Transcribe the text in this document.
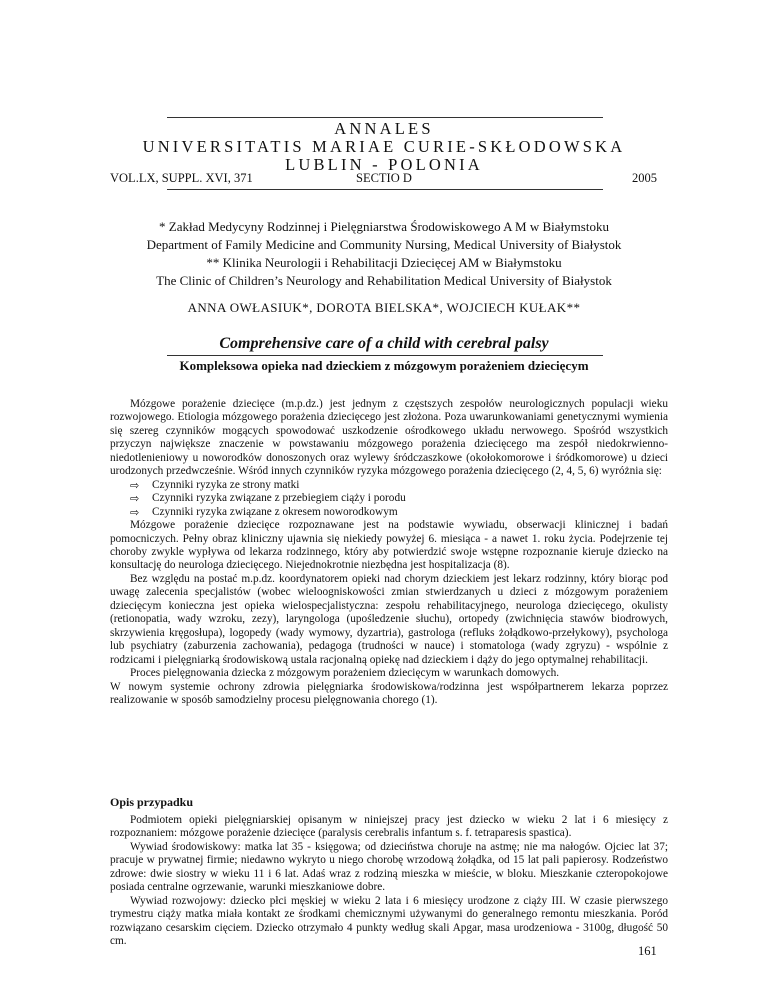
ANNALES
UNIVERSITATIS MARIAE CURIE-SKŁODOWSKA
LUBLIN - POLONIA
VOL.LX, SUPPL. XVI, 371	SECTIO D	2005
* Zakład Medycyny Rodzinnej i Pielęgniarstwa Środowiskowego A M w Białymstoku
Department of Family Medicine and Community Nursing, Medical University of Białystok
** Klinika Neurologii i Rehabilitacji Dziecięcej AM w Białymstoku
The Clinic of Children’s Neurology and Rehabilitation Medical University of Białystok
ANNA OWŁASIUK*, DOROTA BIELSKA*, WOJCIECH KUŁAK**
Comprehensive care of a child with cerebral palsy
Kompleksowa opieka nad dzieckiem z mózgowym porażeniem dziecięcym

Mózgowe porażenie dziecięce (m.p.dz.) jest jednym z częstszych zespołów neurologicznych populacji wieku rozwojowego. Etiologia mózgowego porażenia dziecięcego jest złożona. Poza uwarunkowaniami genetycznymi wymienia się szereg czynników mogących spowodować uszkodzenie ośrodkowego układu nerwowego. Spośród wszystkich przyczyn największe znaczenie w powstawaniu mózgowego porażenia dziecięcego ma zespół niedokrwienno-niedotlenieniowy u noworodków donoszonych oraz wylewy śródczaszkowe (okołokomorowe i śródkomorowe) u dzieci urodzonych przedwcześnie. Wśród innych czynników ryzyka mózgowego porażenia dziecięcego (2, 4, 5, 6) wyróżnia się:

⇨ Czynniki ryzyka ze strony matki
⇨ Czynniki ryzyka związane z przebiegiem ciąży i porodu
⇨ Czynniki ryzyka związane z okresem noworodkowym

Mózgowe porażenie dziecięce rozpoznawane jest na podstawie wywiadu, obserwacji klinicznej i badań pomocniczych. Pełny obraz kliniczny ujawnia się niekiedy powyżej 6. miesiąca - a nawet 1. roku życia. Podejrzenie tej choroby zwykle wypływa od lekarza rodzinnego, który aby potwierdzić swoje wstępne rozpoznanie kieruje dziecko na konsultację do neurologa dziecięcego. Niejednokrotnie niezbędna jest hospitalizacja (8).

Bez względu na postać m.p.dz. koordynatorem opieki nad chorym dzieckiem jest lekarz rodzinny, który biorąc pod uwagę zalecenia specjalistów (wobec wieloogniskowości zmian stwierdzanych u dzieci z mózgowym porażeniem dziecięcym konieczna jest opieka wielospecjalistyczna: zespołu rehabilitacyjnego, neurologa dziecięcego, okulisty (retionopatia, wady wzroku, zezy), laryngologa (upośledzenie słuchu), ortopedy (zwichnięcia stawów biodrowych, skrzywienia kręgosłupa), logopedy (wady wymowy, dyzartria), gastrologa (refluks żołądkowo-przełykowy), psychologa lub psychiatry (zaburzenia zachowania), pedagoga (trudności w nauce) i stomatologa (wady zgryzu) - wspólnie z rodzicami i pielęgniarką środowiskową ustala racjonalną opiekę nad dzieckiem i dąży do jego optymalnej rehabilitacji.

Proces pielęgnowania dziecka z mózgowym porażeniem dziecięcym w warunkach domowych.

W nowym systemie ochrony zdrowia pielęgniarka środowiskowa/rodzinna jest współpartnerem lekarza poprzez realizowanie w sposób samodzielny procesu pielęgnowania chorego (1).

Opis przypadku

Podmiotem opieki pielęgniarskiej opisanym w niniejszej pracy jest dziecko w wieku 2 lat i 6 miesięcy z rozpoznaniem: mózgowe porażenie dziecięce (paralysis cerebralis infantum s. f. tetraparesis spastica).

Wywiad środowiskowy: matka lat 35 - księgowa; od dzieciństwa choruje na astmę; nie ma nałogów. Ojciec lat 37; pracuje w prywatnej firmie; niedawno wykryto u niego chorobę wrzodową żołądka, od 15 lat pali papierosy. Rodzeństwo zdrowe: dwie siostry w wieku 11 i 6 lat. Adaś wraz z rodziną mieszka w mieście, w bloku. Mieszkanie czteropokojowe posiada centralne ogrzewanie, warunki mieszkaniowe dobre.

Wywiad rozwojowy: dziecko płci męskiej w wieku 2 lata i 6 miesięcy urodzone z ciąży III. W czasie pierwszego trymestru ciąży matka miała kontakt ze środkami chemicznymi używanymi do generalnego remontu mieszkania. Poród rozwiązano cesarskim cięciem. Dziecko otrzymało 4 punkty według skali Apgar, masa urodzeniowa - 3100g, długość 50 cm.

161
